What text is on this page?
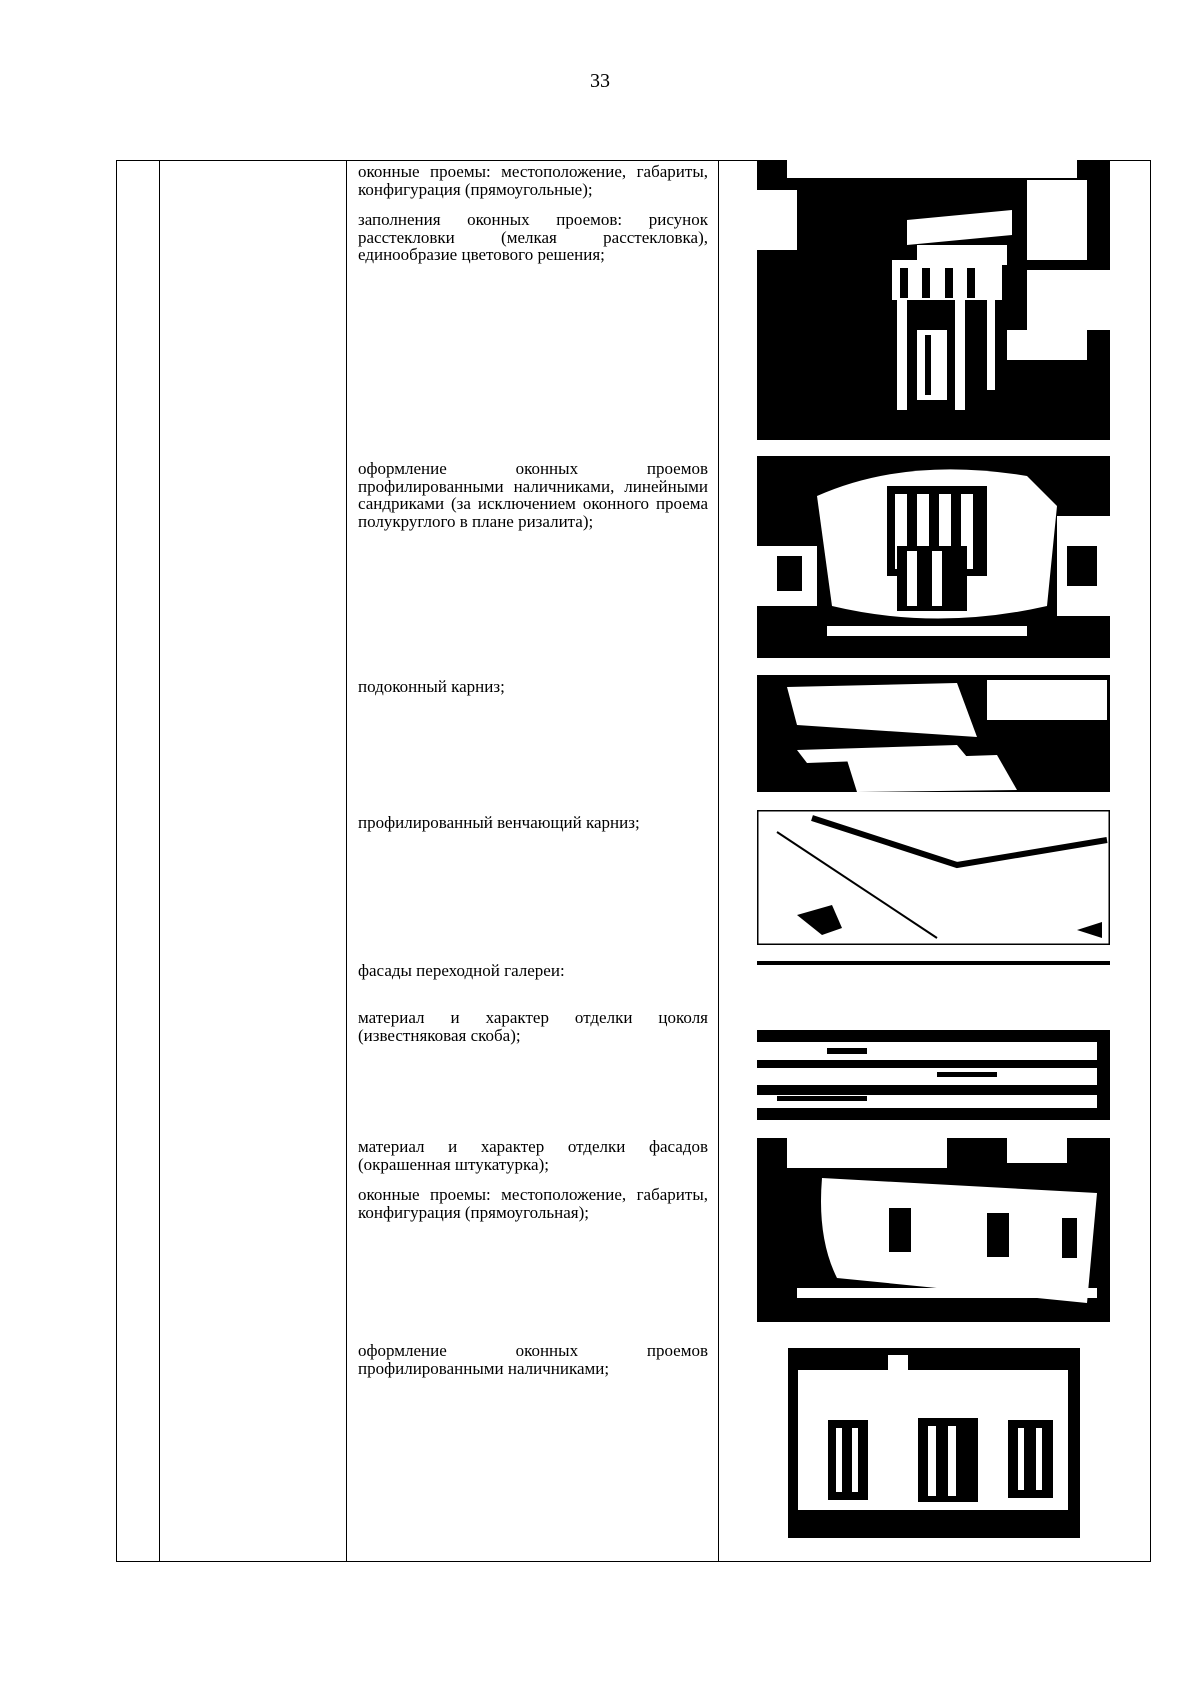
33

оконные проемы: местоположение, габариты, конфигурация (прямоугольные);

заполнения оконных проемов: рисунок расстекловки (мелкая расстекловка), единообразие цветового решения;

оформление оконных проемов профилированными наличниками, линейными сандриками (за исключением оконного проема полукруглого в плане ризалита);

подоконный карниз;

профилированный венчающий карниз;

фасады переходной галереи:

материал и характер отделки цоколя (известняковая скоба);

материал и характер отделки фасадов (окрашенная штукатурка);

оконные проемы: местоположение, габариты, конфигурация (прямоугольная);

оформление оконных проемов профилированными наличниками;
